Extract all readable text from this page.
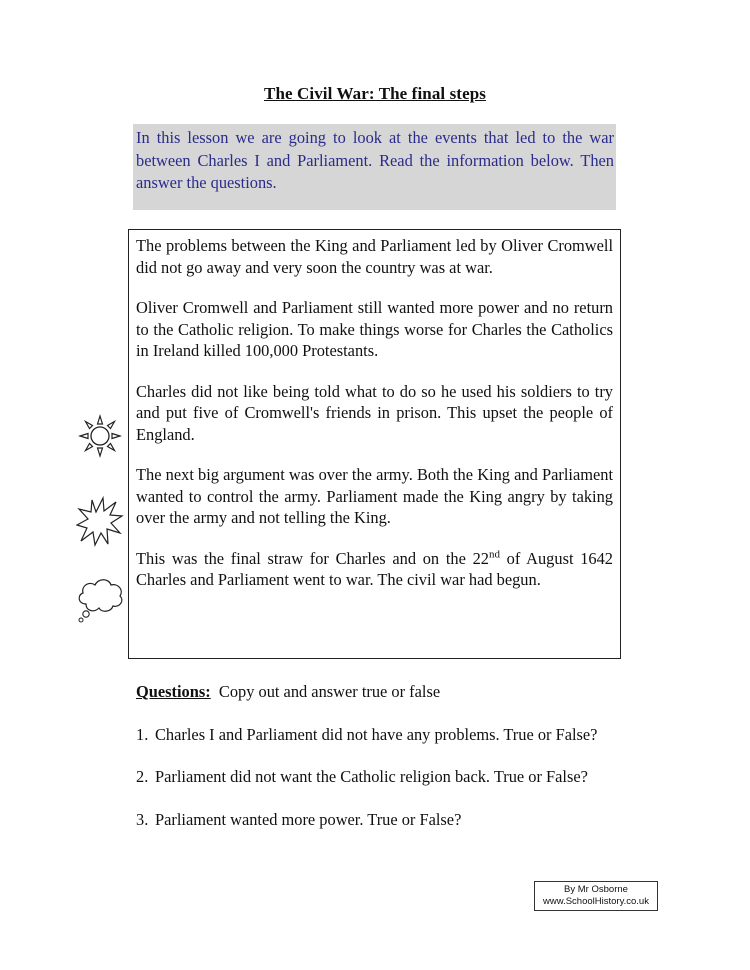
The Civil War: The final steps
In this lesson we are going to look at the events that led to the war between Charles I and Parliament. Read the information below. Then answer the questions.

The problems between the King and Parliament led by Oliver Cromwell did not go away and very soon the country was at war.

Oliver Cromwell and Parliament still wanted more power and no return to the Catholic religion. To make things worse for Charles the Catholics in Ireland killed 100,000 Protestants.

Charles did not like being told what to do so he used his soldiers to try and put five of Cromwell's friends in prison. This upset the people of England.

The next big argument was over the army. Both the King and Parliament wanted to control the army. Parliament made the King angry by taking over the army and not telling the King.

This was the final straw for Charles and on the 22nd of August 1642 Charles and Parliament went to war. The civil war had begun.

Questions: Copy out and answer true or false

1. Charles I and Parliament did not have any problems. True or False?
2. Parliament did not want the Catholic religion back. True or False?
3. Parliament wanted more power. True or False?
By Mr Osborne
www.SchoolHistory.co.uk
